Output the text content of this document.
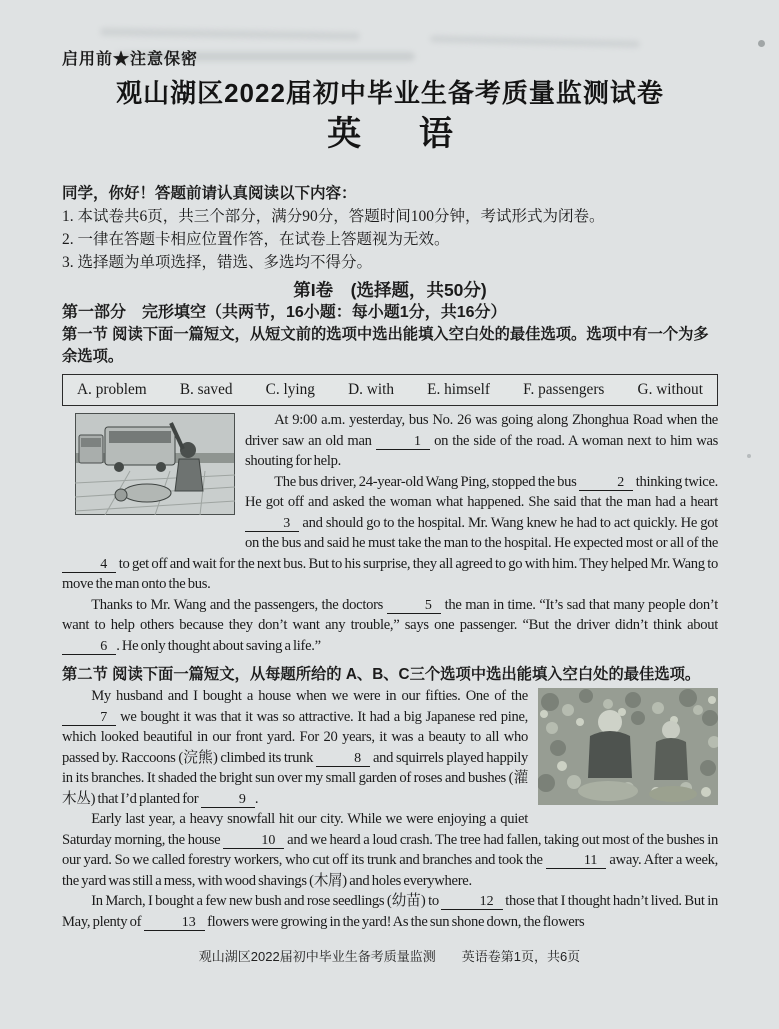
启用前★注意保密
观山湖区2022届初中毕业生备考质量监测试卷
英　语
同学，你好！答题前请认真阅读以下内容：
1. 本试卷共6页，共三个部分，满分90分，答题时间100分钟，考试形式为闭卷。
2. 一律在答题卡相应位置作答，在试卷上答题视为无效。
3. 选择题为单项选择，错选、多选均不得分。
第I卷　(选择题，共50分)
第一部分　完形填空（共两节，16小题：每小题1分，共16分）
第一节 阅读下面一篇短文，从短文前的选项中选出能填入空白处的最佳选项。选项中有一个为多余选项。
A. problem B. saved C. lying D. with E. himself F. passengers G. without

At 9:00 a.m. yesterday, bus No. 26 was going along Zhonghua Road when the driver saw an old man	1 on the side of the road. A woman next to him was shouting for help.

The bus driver, 24-year-old Wang Ping, stopped the bus	2 thinking twice. He got off and asked the woman what happened. She said that the man had a heart 3 and should go to the hospital. Mr. Wang knew he had to act quickly. He got on the bus and said he must take the man to the hospital. He expected most or all of the 4 to get off and wait for the next bus. But to his surprise, they all agreed to go with him. They helped Mr. Wang to move the man onto the bus.

Thanks to Mr. Wang and the passengers, the doctors	5 the man in time. “It’s sad that many people don’t want to help others because they don’t want any trouble,” says one passenger. “But the driver didn’t think about 6 . He only thought about saving a life.”

第二节 阅读下面一篇短文，从每题所给的 A、B、C三个选项中选出能填入空白处的最佳选项。

My husband and I bought a house when we were in our fifties. One of the 7 we bought it was that it was so attractive. It had a big Japanese red pine, which looked beautiful in our front yard. For 20 years, it was a beauty to all who passed by. Raccoons (浣熊) climbed its trunk	8 and squirrels played happily in its branches. It shaded the bright sun over my small garden of roses and bushes (灌木丛) that I’d planted for	9 .

Early last year, a heavy snowfall hit our city. While we were enjoying a quiet Saturday morning, the house	10 and we heard a loud crash. The tree had fallen, taking out most of the bushes in our yard. So we called forestry workers, who cut off its trunk and branches and took the	11 away. After a week, the yard was still a mess, with wood shavings (木屑) and holes everywhere.

In March, I bought a few new bush and rose seedlings (幼苗) to	12 those that I thought hadn’t lived. But in May, plenty of	13 flowers were growing in the yard! As the sun shone down, the flowers

观山湖区2022届初中毕业生备考质量监测　　英语卷第1页，共6页
